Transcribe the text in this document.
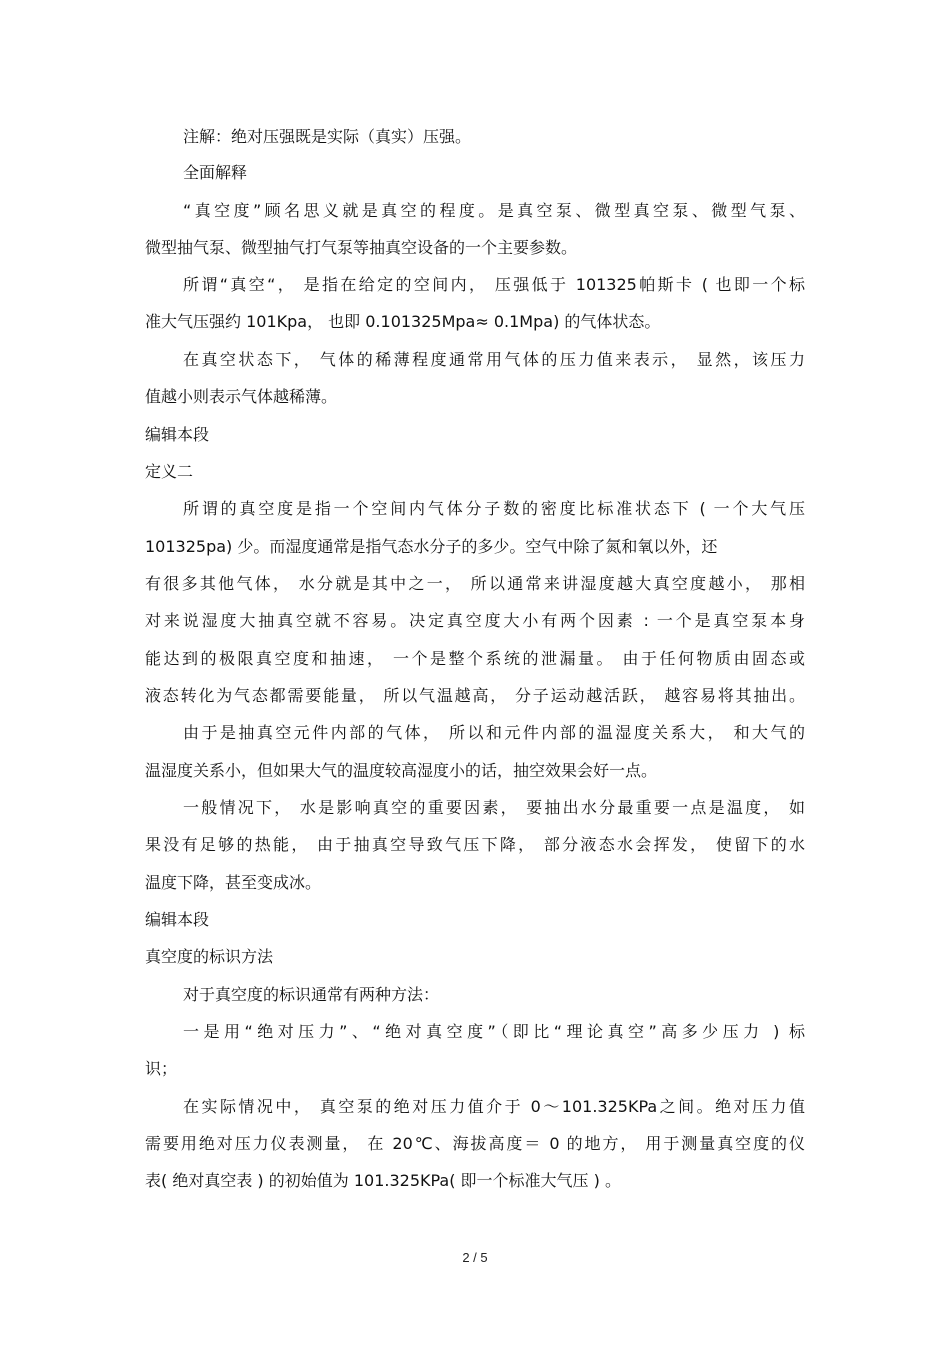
注解：绝对压强既是实际（真实）压强。
全面解释
“真空度”顾名思义就是真空的程度。是真空泵、微型真空泵、微型气泵、
微型抽气泵、微型抽气打气泵等抽真空设备的一个主要参数。
所谓“真空“， 是指在给定的空间内， 压强低于 101325帕斯卡 ( 也即一个标
准大气压强约 101Kpa， 也即 0.101325Mpa≈ 0.1Mpa) 的气体状态。
在真空状态下， 气体的稀薄程度通常用气体的压力值来表示， 显然，该压力
值越小则表示气体越稀薄。
编辑本段
定义二
所谓的真空度是指一个空间内气体分子数的密度比标准状态下 ( 一个大气压
101325pa) 少。而湿度通常是指气态水分子的多少。空气中除了氮和氧以外，还
有很多其他气体， 水分就是其中之一， 所以通常来讲湿度越大真空度越小， 那相
对来说湿度大抽真空就不容易。决定真空度大小有两个因素 : 一个是真空泵本身
能达到的极限真空度和抽速， 一个是整个系统的泄漏量。 由于任何物质由固态或
液态转化为气态都需要能量， 所以气温越高， 分子运动越活跃， 越容易将其抽出。
由于是抽真空元件内部的气体， 所以和元件内部的温湿度关系大， 和大气的
温湿度关系小，但如果大气的温度较高湿度小的话，抽空效果会好一点。
一般情况下， 水是影响真空的重要因素， 要抽出水分最重要一点是温度， 如
果没有足够的热能， 由于抽真空导致气压下降， 部分液态水会挥发， 使留下的水
温度下降，甚至变成冰。
编辑本段
真空度的标识方法
对于真空度的标识通常有两种方法：
一是用“绝对压力”、“绝对真空度”（即比“理论真空”高多少压力 ) 标
识；
在实际情况中， 真空泵的绝对压力值介于 0～101.325KPa之间。绝对压力值
需要用绝对压力仪表测量， 在 20℃、海拔高度＝ 0 的地方， 用于测量真空度的仪
表( 绝对真空表 ) 的初始值为 101.325KPa( 即一个标准大气压 ) 。
2 / 5
